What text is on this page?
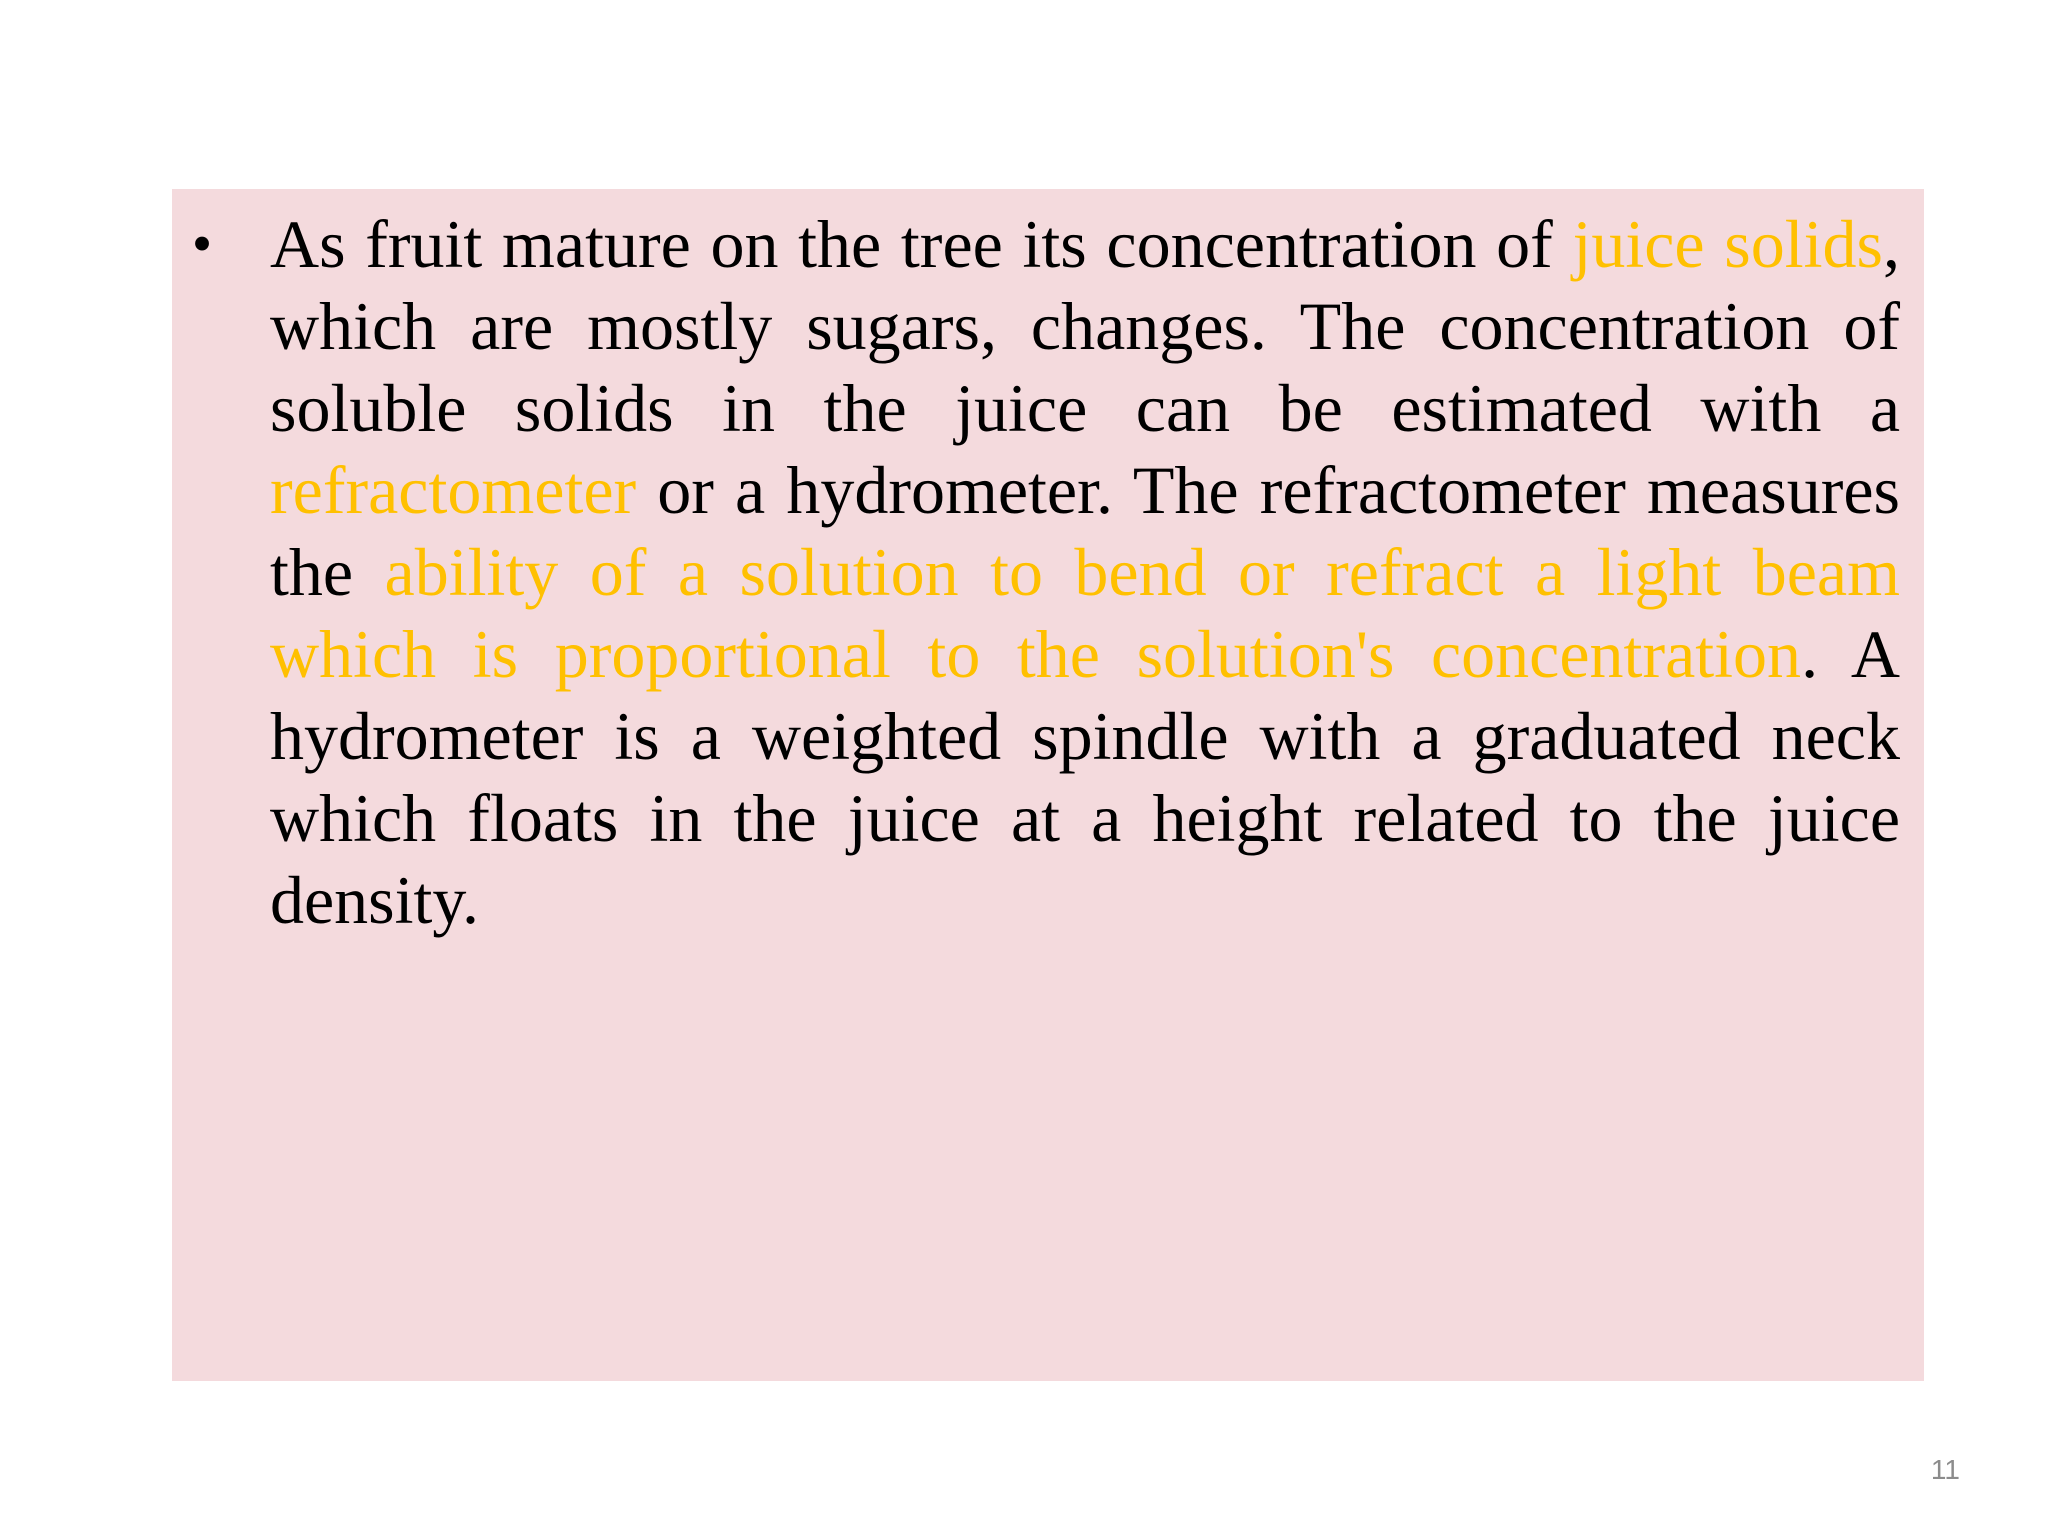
• As fruit mature on the tree its concentration of juice solids, which are mostly sugars, changes. The concentration of soluble solids in the juice can be estimated with a refractometer or a hydrometer. The refractometer measures the ability of a solution to bend or refract a light beam which is proportional to the solution's concentration. A hydrometer is a weighted spindle with a graduated neck which floats in the juice at a height related to the juice density.
11
